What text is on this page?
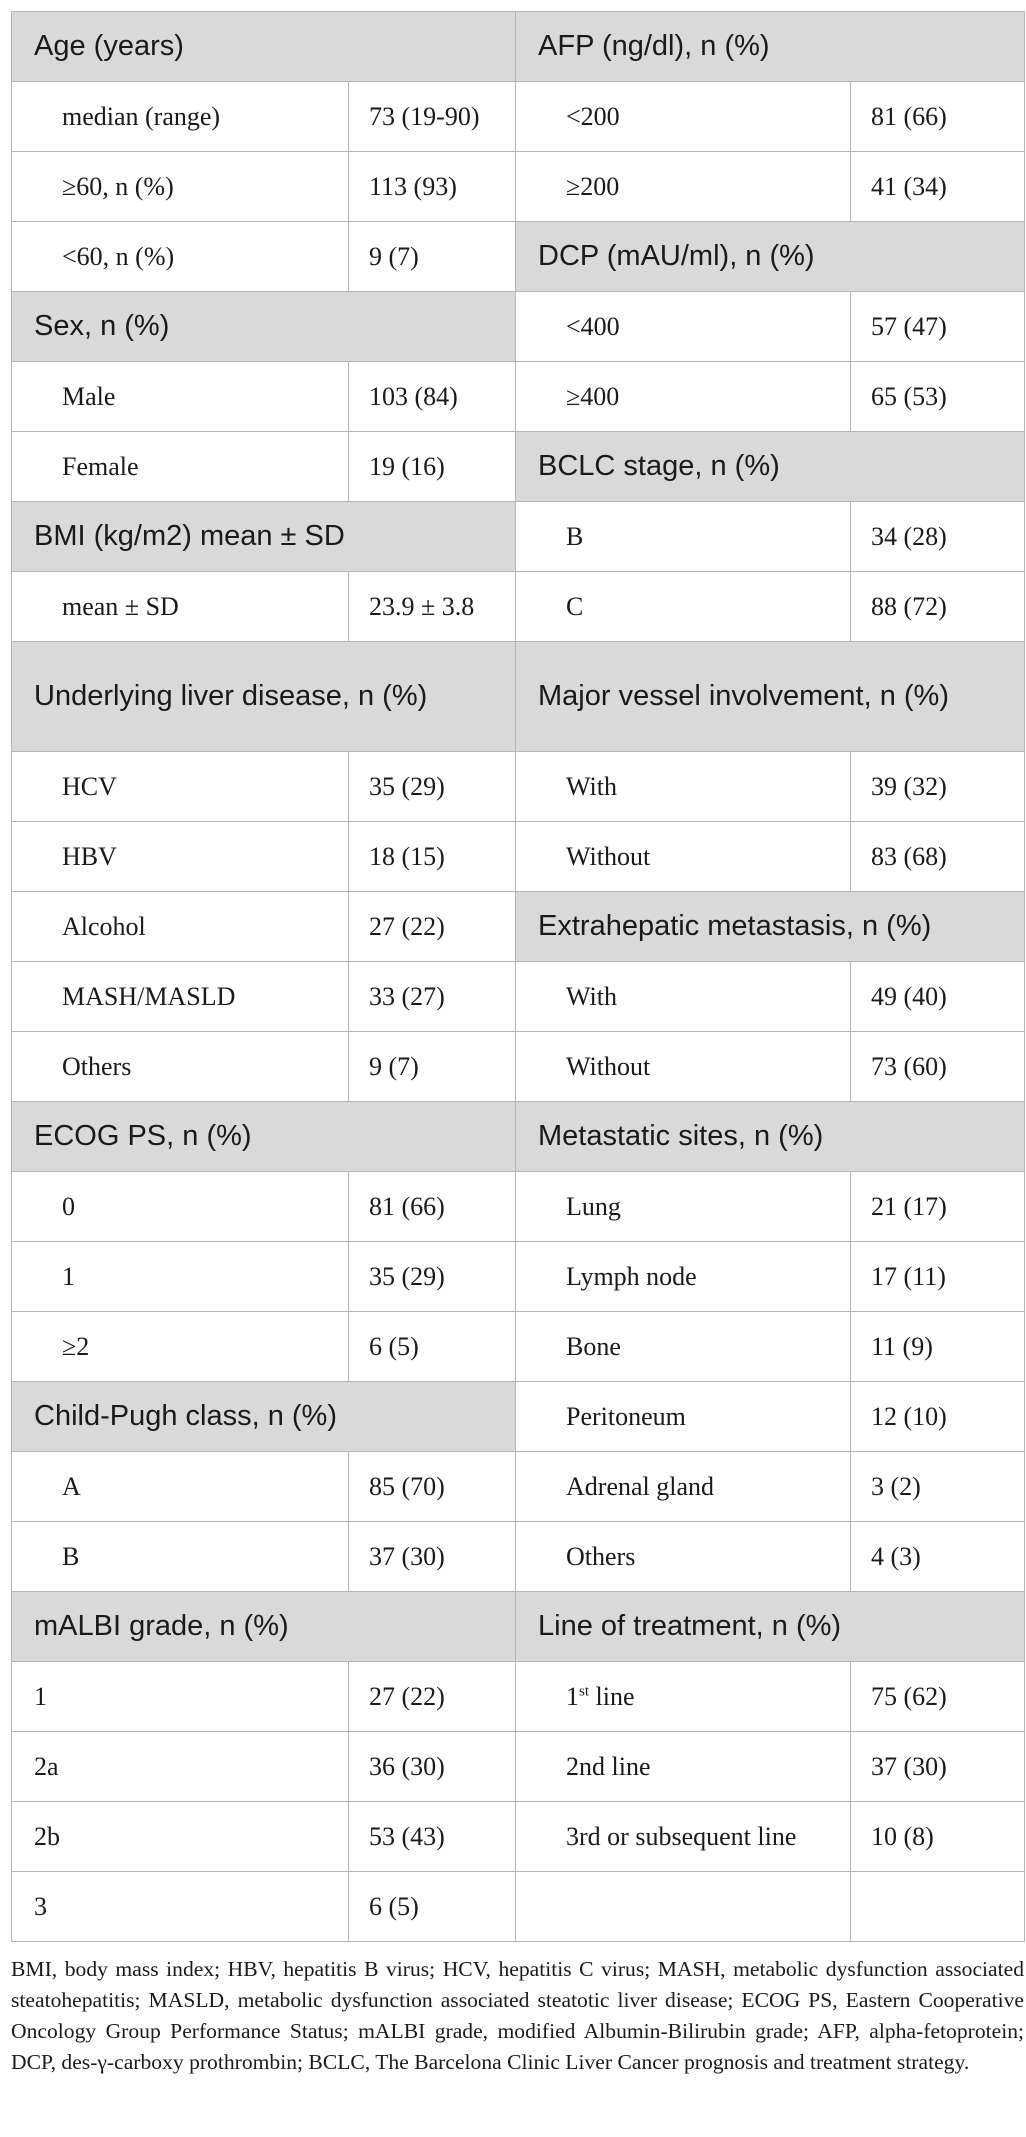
Age (years)		AFP (ng/dl), n (%)	
median (range)	73 (19-90)	<200	81 (66)
≥60, n (%)	113 (93)	≥200	41 (34)
<60, n (%)	9 (7)	DCP (mAU/ml), n (%)	
Sex, n (%)		<400	57 (47)
Male	103 (84)	≥400	65 (53)
Female	19 (16)	BCLC stage, n (%)	
BMI (kg/m2) mean ± SD		B	34 (28)
mean ± SD	23.9 ± 3.8	C	88 (72)
Underlying liver disease, n (%)		Major vessel involvement, n (%)	
HCV	35 (29)	With	39 (32)
HBV	18 (15)	Without	83 (68)
Alcohol	27 (22)	Extrahepatic metastasis, n (%)	
MASH/MASLD	33 (27)	With	49 (40)
Others	9 (7)	Without	73 (60)
ECOG PS, n (%)		Metastatic sites, n (%)	
0	81 (66)	Lung	21 (17)
1	35 (29)	Lymph node	17 (11)
≥2	6 (5)	Bone	11 (9)
Child-Pugh class, n (%)		Peritoneum	12 (10)
A	85 (70)	Adrenal gland	3 (2)
B	37 (30)	Others	4 (3)
mALBI grade, n (%)		Line of treatment, n (%)	
1	27 (22)	1st line	75 (62)
2a	36 (30)	2nd line	37 (30)
2b	53 (43)	3rd or subsequent line	10 (8)
3	6 (5)		
BMI, body mass index; HBV, hepatitis B virus; HCV, hepatitis C virus; MASH, metabolic dysfunction associated steatohepatitis; MASLD, metabolic dysfunction associated steatotic liver disease; ECOG PS, Eastern Cooperative Oncology Group Performance Status; mALBI grade, modified Albumin-Bilirubin grade; AFP, alpha-fetoprotein; DCP, des-γ-carboxy prothrombin; BCLC, The Barcelona Clinic Liver Cancer prognosis and treatment strategy.
